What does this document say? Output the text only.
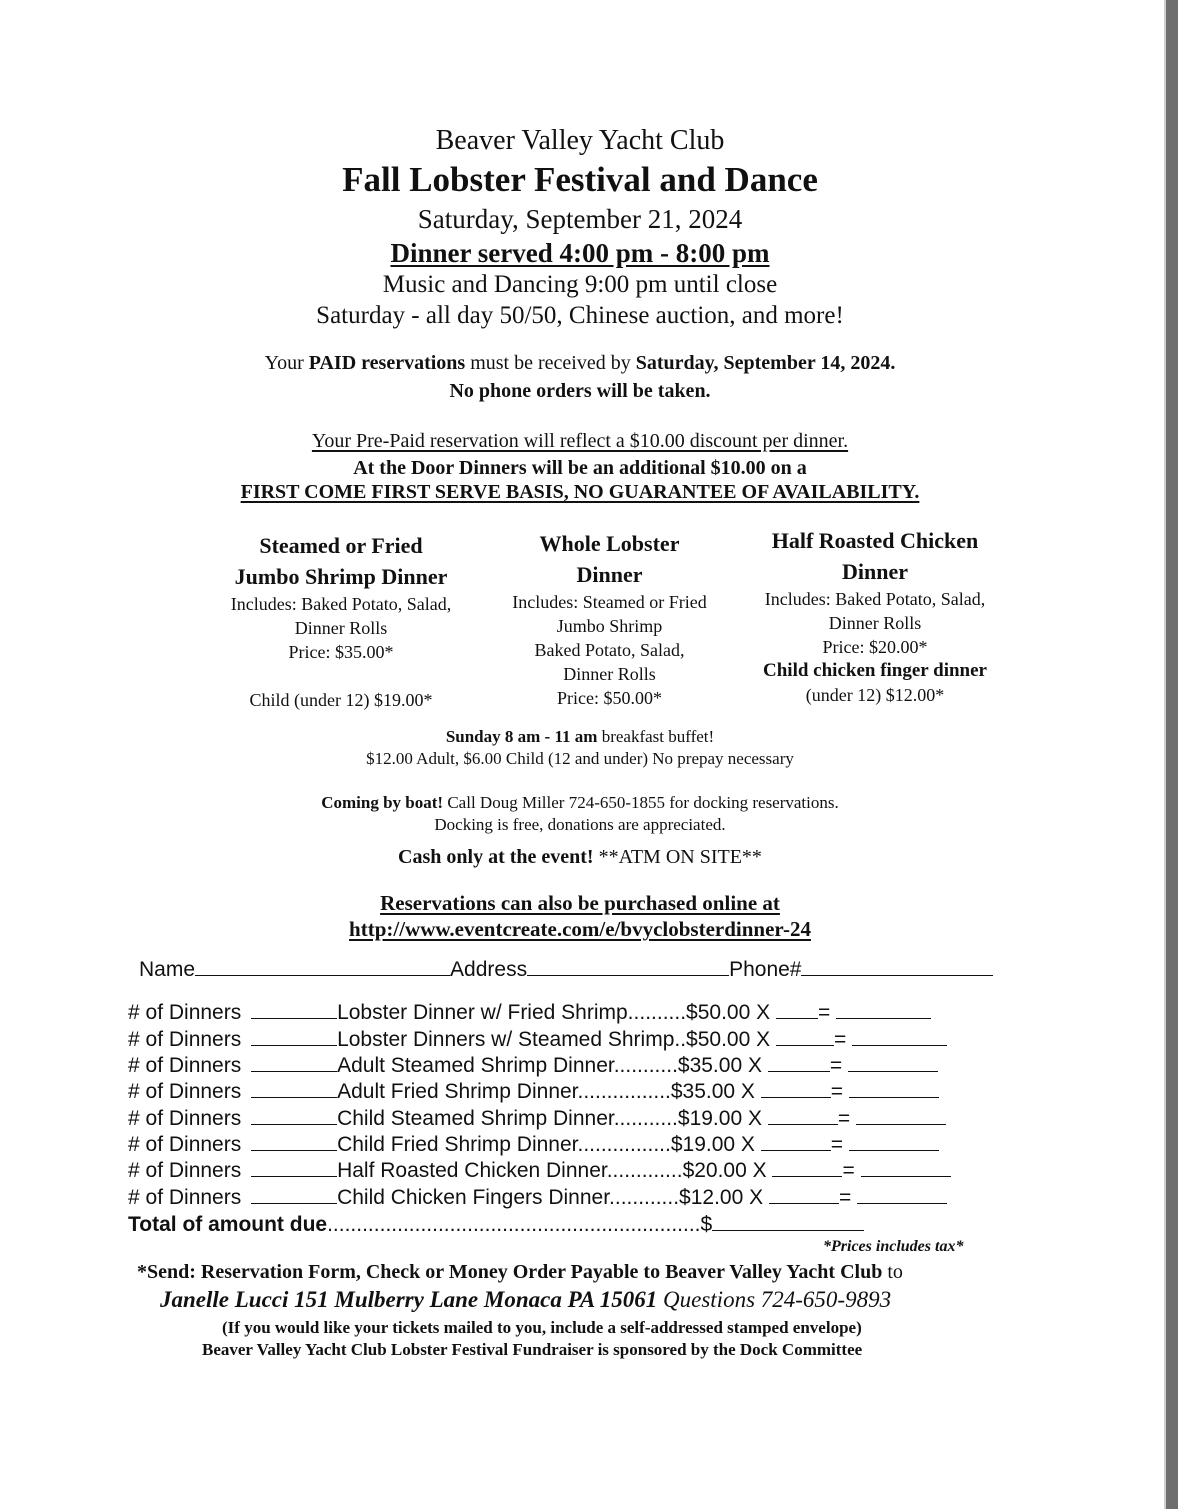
Beaver Valley Yacht Club
Fall Lobster Festival and Dance
Saturday, September 21, 2024
Dinner served 4:00 pm - 8:00 pm
Music and Dancing 9:00 pm until close
Saturday - all day 50/50, Chinese auction, and more!
Your PAID reservations must be received by Saturday, September 14, 2024.
No phone orders will be taken.
Your Pre-Paid reservation will reflect a $10.00 discount per dinner.
At the Door Dinners will be an additional $10.00 on a
FIRST COME FIRST SERVE BASIS, NO GUARANTEE OF AVAILABILITY.
Steamed or Fried
Jumbo Shrimp Dinner
Includes: Baked Potato, Salad,
Dinner Rolls
Price: $35.00*
Child (under 12) $19.00*
Whole Lobster
Dinner
Includes: Steamed or Fried
Jumbo Shrimp
Baked Potato, Salad,
Dinner Rolls
Price: $50.00*
Half Roasted Chicken
Dinner
Includes: Baked Potato, Salad,
Dinner Rolls
Price: $20.00*
Child chicken finger dinner
(under 12) $12.00*
Sunday 8 am - 11 am breakfast buffet!
$12.00 Adult, $6.00 Child (12 and under) No prepay necessary
Coming by boat! Call Doug Miller 724-650-1855 for docking reservations.
Docking is free, donations are appreciated.
Cash only at the event! **ATM ON SITE**
Reservations can also be purchased online at
http://www.eventcreate.com/e/bvyclobsterdinner-24
Name	Address	Phone#
# of Dinners	Lobster Dinner w/ Fried Shrimp..........$50.00 X =
# of Dinners	Lobster Dinners w/ Steamed Shrimp..$50.00 X	=
# of Dinners	Adult Steamed Shrimp Dinner...........$35.00 X	=
# of Dinners	Adult Fried Shrimp Dinner................$35.00 X	=
# of Dinners	Child Steamed Shrimp Dinner...........$19.00 X	=
# of Dinners	Child Fried Shrimp Dinner................$19.00 X	=
# of Dinners	Half Roasted Chicken Dinner.............$20.00 X	=
# of Dinners	Child Chicken Fingers Dinner............$12.00 X	=
Total of amount due................................................................$
*Prices includes tax*
*Send: Reservation Form, Check or Money Order Payable to Beaver Valley Yacht Club to
Janelle Lucci 151 Mulberry Lane Monaca PA 15061 Questions 724-650-9893
(If you would like your tickets mailed to you, include a self-addressed stamped envelope)
Beaver Valley Yacht Club Lobster Festival Fundraiser is sponsored by the Dock Committee
